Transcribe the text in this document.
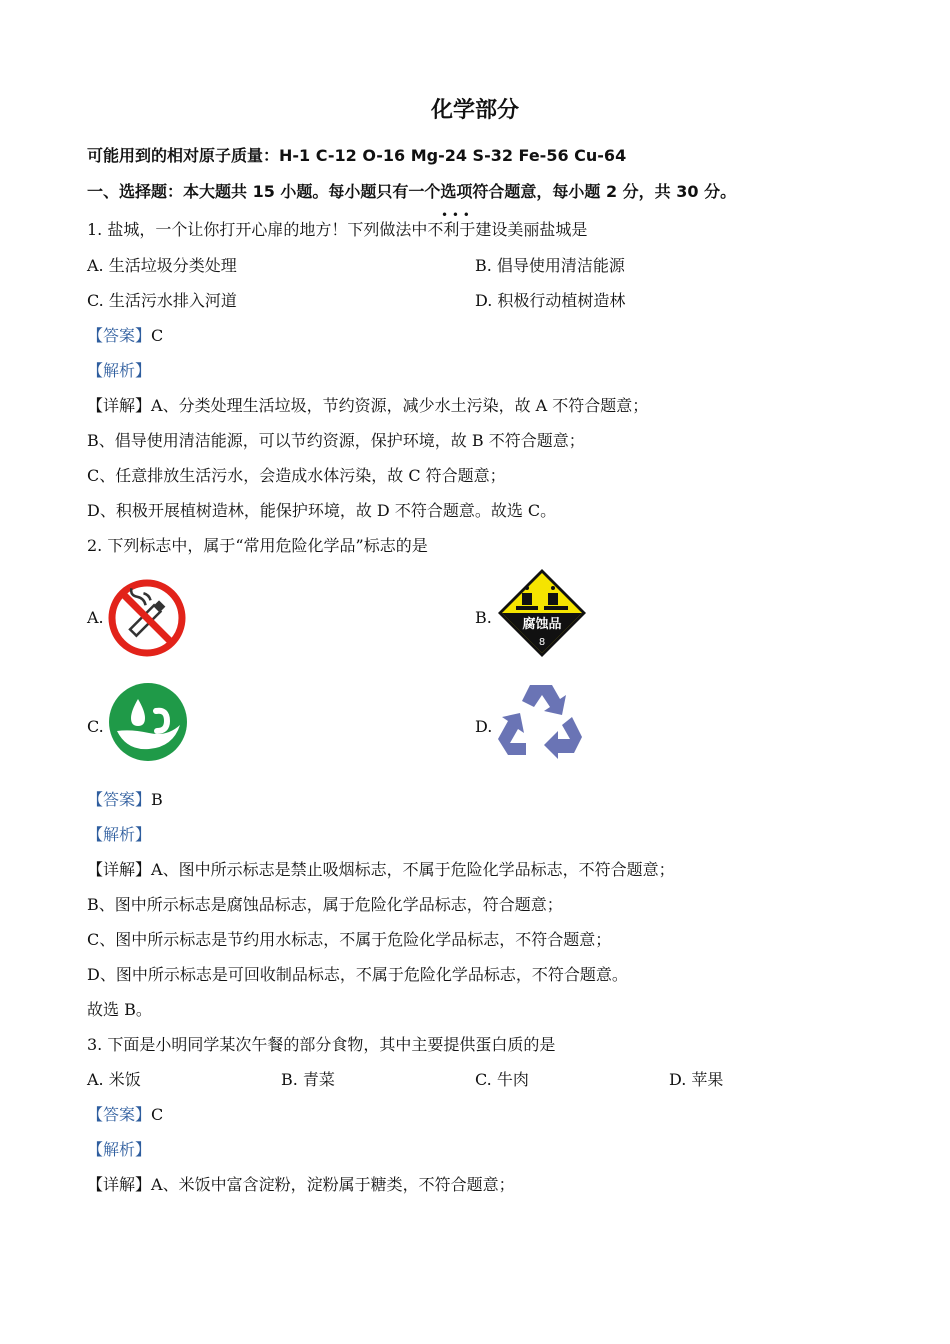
化学部分
可能用到的相对原子质量：H-1 C-12 O-16 Mg-24 S-32 Fe-56 Cu-64
一、选择题：本大题共 15 小题。每小题只有一个选项符合题意，每小题 2 分，共 30 分。
• • •
1. 盐城，一个让你打开心扉的地方！下列做法中不利于建设美丽盐城是
A. 生活垃圾分类处理	B. 倡导使用清洁能源
C. 生活污水排入河道	D. 积极行动植树造林
【答案】C
【解析】
【详解】A、分类处理生活垃圾，节约资源，减少水土污染，故 A 不符合题意；
B、倡导使用清洁能源，可以节约资源，保护环境，故 B 不符合题意；
C、任意排放生活污水，会造成水体污染，故 C 符合题意；
D、积极开展植树造林，能保护环境，故 D 不符合题意。故选 C。
2. 下列标志中，属于“常用危险化学品”标志的是
A.	B. 腐蚀品
8
C.	D.
【答案】B
【解析】
【详解】A、图中所示标志是禁止吸烟标志，不属于危险化学品标志，不符合题意；
B、图中所示标志是腐蚀品标志，属于危险化学品标志，符合题意；
C、图中所示标志是节约用水标志，不属于危险化学品标志，不符合题意；
D、图中所示标志是可回收制品标志，不属于危险化学品标志，不符合题意。
故选 B。
3. 下面是小明同学某次午餐的部分食物，其中主要提供蛋白质的是
A. 米饭	B. 青菜	C. 牛肉	D. 苹果
【答案】C
【解析】
【详解】A、米饭中富含淀粉，淀粉属于糖类，不符合题意；
